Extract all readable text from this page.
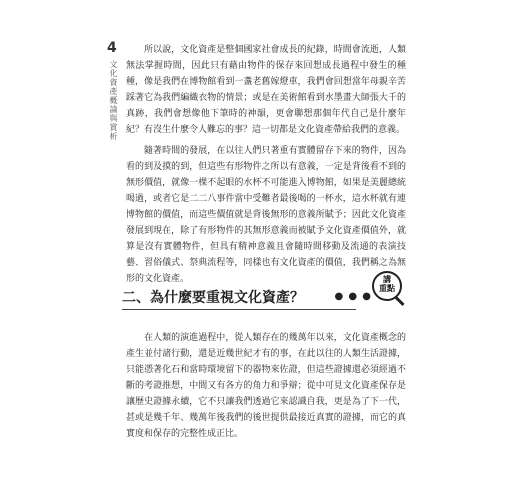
4
文化資產概論與賞析

所以說，文化資產是整個國家社會成長的紀錄，時間會流逝，人類無法掌握時間，因此只有藉由物件的保存來回想成長過程中發生的種種，像是我們在博物館看到一盞老舊嫁燈車，我們會回想當年母親辛苦踩著它為我們編織衣物的情景；或是在美術館看到水墨畫大師張大千的真跡，我們會想像他下筆時的神韻，更會聯想那個年代自己是什麼年紀？有沒生什麼令人難忘的事？這一切都是文化資產帶給我們的意義。

隨著時間的發展，在以往人們只著重有實體留存下來的物件，因為看的到及摸的到，但這些有形物件之所以有意義，一定是背後看不到的無形價值，就像一棵不起眼的水杯不可能進入博物館，如果是美麗總統喝過，或者它是二二八事件當中受難者最後喝的一杯水，這水杯就有連博物館的價值，而這些價值就是背後無形的意義所賦予；因此文化資產發展到現在，除了有形物件的其無形意義而被賦予文化資產價值外，就算是沒有實體物件，但具有精神意義且會隨時間移動及流通的表演技藝、習俗儀式、祭典流程等，同樣也有文化資產的價值，我們稱之為無形的文化資產。

二、為什麼要重視文化資產？	● ● ●
講
重點

在人類的演進過程中，從人類存在的幾萬年以來，文化資產概念的產生並付諸行動，還是近幾世紀才有的事，在此以往的人類生活證據，只能憑著化石和當時環境留下的器物來佐證，但這些證據還必須經過不斷的考證推想，中間又有各方的角力和爭辯；從中可見文化資產保存是讓歷史證據永續，它不只讓我們透過它來認識自我，更是為了下一代，甚或是幾千年、幾萬年後我們的後世提供最接近真實的證據，而它的真實度和保存的完整性成正比。
